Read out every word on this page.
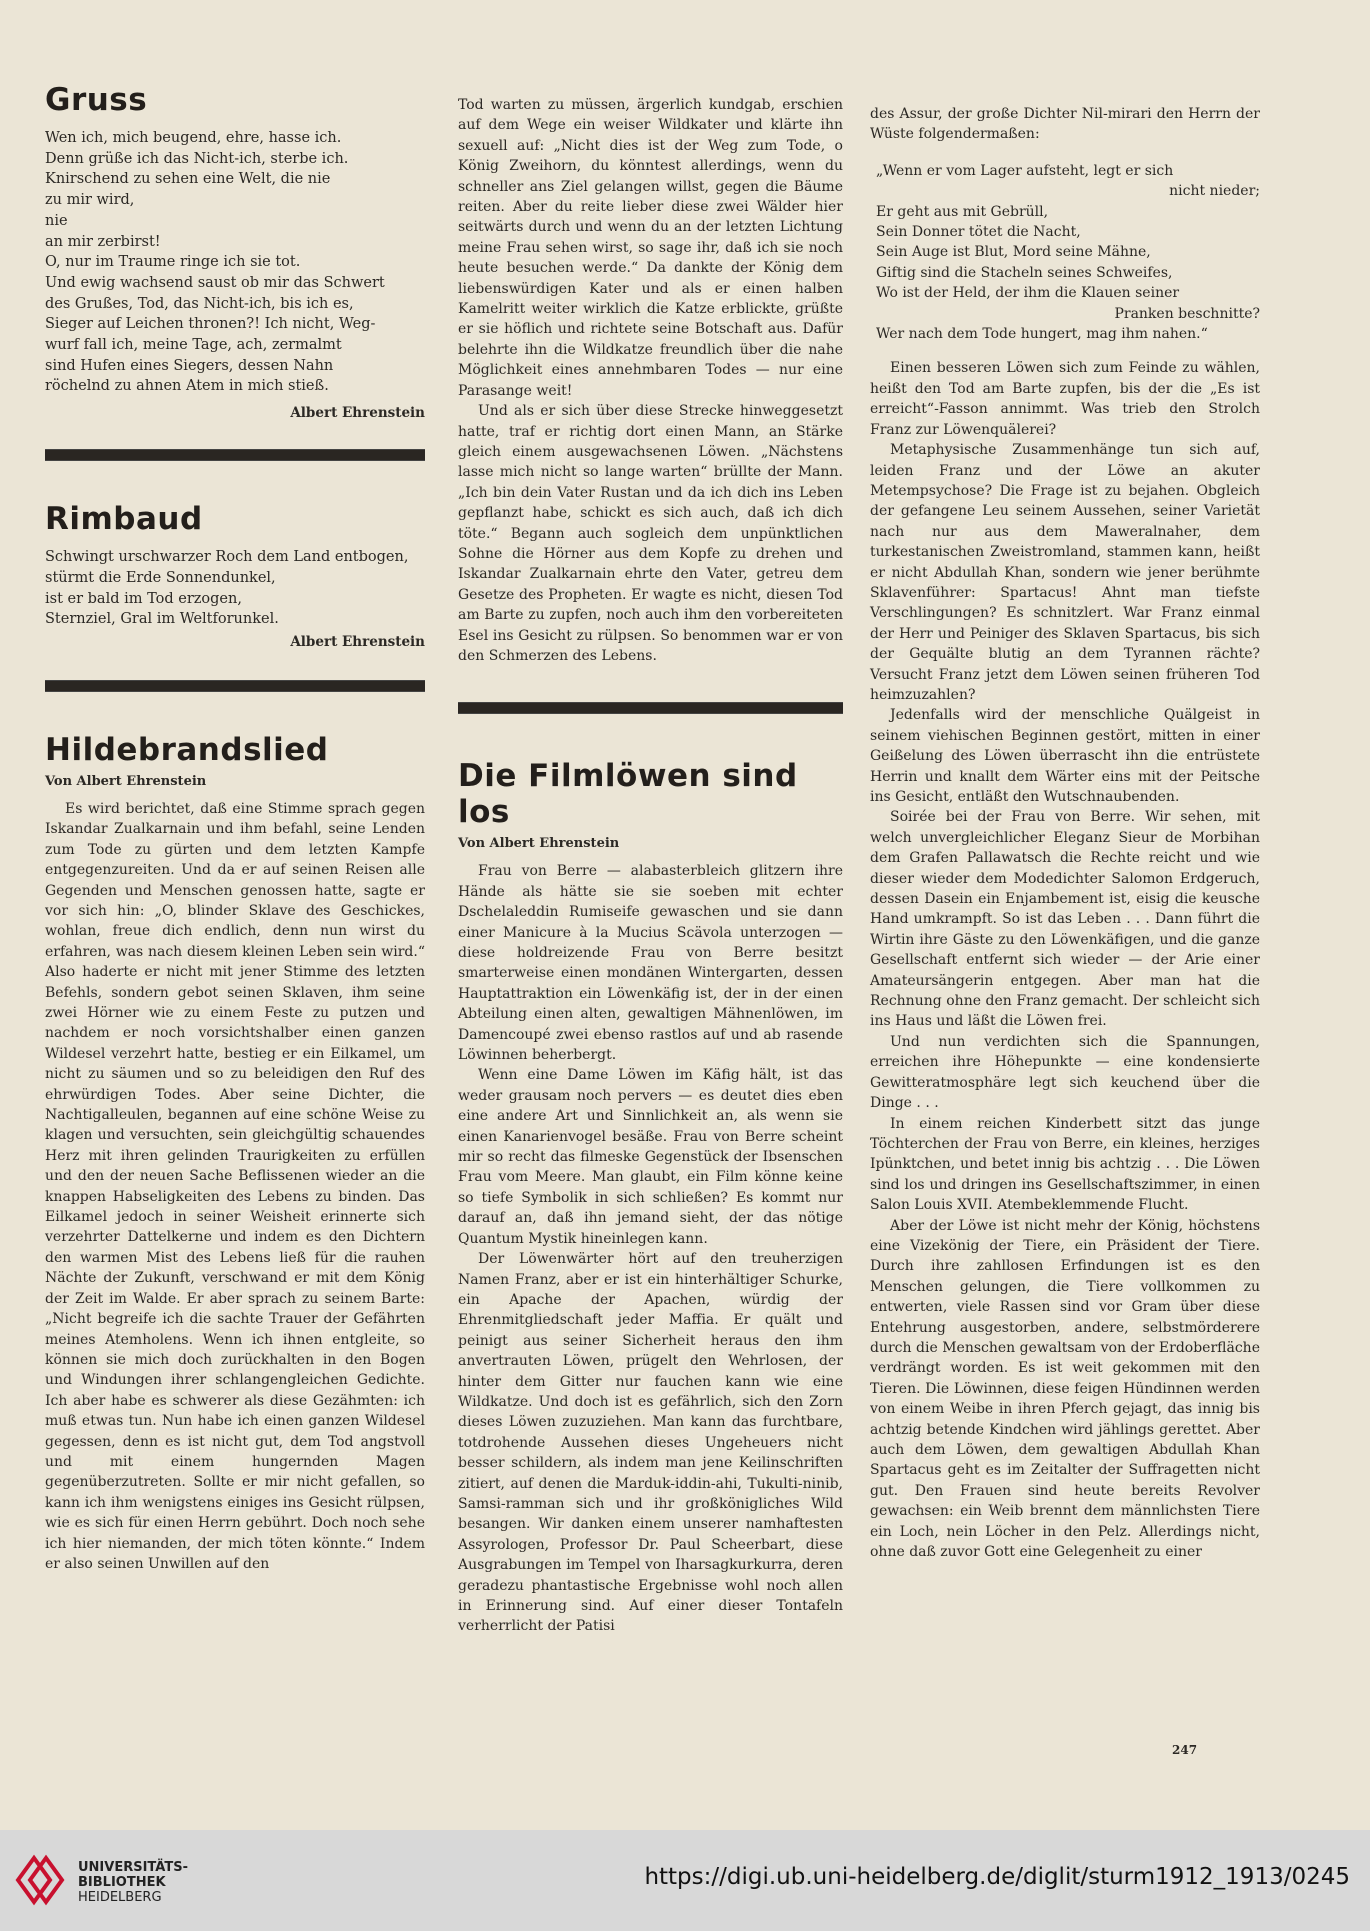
Gruss
Wen ich, mich beugend, ehre, hasse ich.
Denn grüße ich das Nicht-ich, sterbe ich.
Knirschend zu sehen eine Welt, die nie
zu mir wird,
nie
an mir zerbirst!
O, nur im Traume ringe ich sie tot.
Und ewig wachsend saust ob mir das Schwert
des Grußes, Tod, das Nicht-ich, bis ich es,
Sieger auf Leichen thronen?! Ich nicht, Weg-
wurf fall ich, meine Tage, ach, zermalmt
sind Hufen eines Siegers, dessen Nahn
röchelnd zu ahnen Atem in mich stieß.

Albert Ehrenstein

Rimbaud
Schwingt urschwarzer Roch dem Land entbogen,
stürmt die Erde Sonnendunkel,
ist er bald im Tod erzogen,
Sternziel, Gral im Weltforunkel.

Albert Ehrenstein

Hildebrandslied

Von Albert Ehrenstein

Es wird berichtet, daß eine Stimme sprach gegen Iskandar Zualkarnain und ihm befahl, seine Lenden zum Tode zu gürten und dem letzten Kampfe entgegenzureiten. Und da er auf seinen Reisen alle Gegenden und Menschen genossen hatte, sagte er vor sich hin: „O, blinder Sklave des Geschickes, wohlan, freue dich endlich, denn nun wirst du erfahren, was nach diesem kleinen Leben sein wird.“ Also haderte er nicht mit jener Stimme des letzten Befehls, sondern gebot seinen Sklaven, ihm seine zwei Hörner wie zu einem Feste zu putzen und nachdem er noch vorsichtshalber einen ganzen Wildesel verzehrt hatte, bestieg er ein Eilkamel, um nicht zu säumen und so zu beleidigen den Ruf des ehrwürdigen Todes. Aber seine Dichter, die Nachtigalleulen, begannen auf eine schöne Weise zu klagen und versuchten, sein gleichgültig schauendes Herz mit ihren gelinden Traurigkeiten zu erfüllen und den der neuen Sache Beflissenen wieder an die knappen Habseligkeiten des Lebens zu binden. Das Eilkamel jedoch in seiner Weisheit erinnerte sich verzehrter Dattelkerne und indem es den Dichtern den warmen Mist des Lebens ließ für die rauhen Nächte der Zukunft, verschwand er mit dem König der Zeit im Walde. Er aber sprach zu seinem Barte: „Nicht begreife ich die sachte Trauer der Gefährten meines Atemholens. Wenn ich ihnen entgleite, so können sie mich doch zurückhalten in den Bogen und Windungen ihrer schlangengleichen Gedichte. Ich aber habe es schwerer als diese Gezähmten: ich muß etwas tun. Nun habe ich einen ganzen Wildesel gegessen, denn es ist nicht gut, dem Tod angstvoll und mit einem hungernden Magen gegenüberzutreten. Sollte er mir nicht gefallen, so kann ich ihm wenigstens einiges ins Gesicht rülpsen, wie es sich für einen Herrn gebührt. Doch noch sehe ich hier niemanden, der mich töten könnte.“ Indem er also seinen Unwillen auf den

Tod warten zu müssen, ärgerlich kundgab, erschien auf dem Wege ein weiser Wildkater und klärte ihn sexuell auf: „Nicht dies ist der Weg zum Tode, o König Zweihorn, du könntest allerdings, wenn du schneller ans Ziel gelangen willst, gegen die Bäume reiten. Aber du reite lieber diese zwei Wälder hier seitwärts durch und wenn du an der letzten Lichtung meine Frau sehen wirst, so sage ihr, daß ich sie noch heute besuchen werde.“ Da dankte der König dem liebenswürdigen Kater und als er einen halben Kamelritt weiter wirklich die Katze erblickte, grüßte er sie höflich und richtete seine Botschaft aus. Dafür belehrte ihn die Wildkatze freundlich über die nahe Möglichkeit eines annehmbaren Todes — nur eine Parasange weit!

Und als er sich über diese Strecke hinweggesetzt hatte, traf er richtig dort einen Mann, an Stärke gleich einem ausgewachsenen Löwen. „Nächstens lasse mich nicht so lange warten“ brüllte der Mann. „Ich bin dein Vater Rustan und da ich dich ins Leben gepflanzt habe, schickt es sich auch, daß ich dich töte.“ Begann auch sogleich dem unpünktlichen Sohne die Hörner aus dem Kopfe zu drehen und Iskandar Zualkarnain ehrte den Vater, getreu dem Gesetze des Propheten. Er wagte es nicht, diesen Tod am Barte zu zupfen, noch auch ihm den vorbereiteten Esel ins Gesicht zu rülpsen. So benommen war er von den Schmerzen des Lebens.

Die Filmlöwen sind los

Von Albert Ehrenstein

Frau von Berre — alabasterbleich glitzern ihre Hände als hätte sie sie soeben mit echter Dschelaleddin Rumiseife gewaschen und sie dann einer Manicure à la Mucius Scävola unterzogen — diese holdreizende Frau von Berre besitzt smarterweise einen mondänen Wintergarten, dessen Hauptattraktion ein Löwenkäfig ist, der in der einen Abteilung einen alten, gewaltigen Mähnenlöwen, im Damencoupé zwei ebenso rastlos auf und ab rasende Löwinnen beherbergt.

Wenn eine Dame Löwen im Käfig hält, ist das weder grausam noch pervers — es deutet dies eben eine andere Art und Sinnlichkeit an, als wenn sie einen Kanarienvogel besäße. Frau von Berre scheint mir so recht das filmeske Gegenstück der Ibsenschen Frau vom Meere. Man glaubt, ein Film könne keine so tiefe Symbolik in sich schließen? Es kommt nur darauf an, daß ihn jemand sieht, der das nötige Quantum Mystik hineinlegen kann.

Der Löwenwärter hört auf den treuherzigen Namen Franz, aber er ist ein hinterhältiger Schurke, ein Apache der Apachen, würdig der Ehrenmitgliedschaft jeder Maffia. Er quält und peinigt aus seiner Sicherheit heraus den ihm anvertrauten Löwen, prügelt den Wehrlosen, der hinter dem Gitter nur fauchen kann wie eine Wildkatze. Und doch ist es gefährlich, sich den Zorn dieses Löwen zuzuziehen. Man kann das furchtbare, totdrohende Aussehen dieses Ungeheuers nicht besser schildern, als indem man jene Keilinschriften zitiert, auf denen die Marduk-iddin-ahi, Tukulti-ninib, Samsi-ramman sich und ihr großkönigliches Wild besangen. Wir danken einem unserer namhaftesten Assyrologen, Professor Dr. Paul Scheerbart, diese Ausgrabungen im Tempel von Iharsagkurkurra, deren geradezu phantastische Ergebnisse wohl noch allen in Erinnerung sind. Auf einer dieser Tontafeln verherrlicht der Patisi

des Assur, der große Dichter Nil-mirari den Herrn der Wüste folgendermaßen:

„Wenn er vom Lager aufsteht, legt er sich
nicht nieder;
Er geht aus mit Gebrüll,
Sein Donner tötet die Nacht,
Sein Auge ist Blut, Mord seine Mähne,
Giftig sind die Stacheln seines Schweifes,
Wo ist der Held, der ihm die Klauen seiner
Pranken beschnitte?
Wer nach dem Tode hungert, mag ihm nahen.“

Einen besseren Löwen sich zum Feinde zu wählen, heißt den Tod am Barte zupfen, bis der die „Es ist erreicht“-Fasson annimmt. Was trieb den Strolch Franz zur Löwenquälerei?

Metaphysische Zusammenhänge tun sich auf, leiden Franz und der Löwe an akuter Metempsychose? Die Frage ist zu bejahen. Obgleich der gefangene Leu seinem Aussehen, seiner Varietät nach nur aus dem Maweralnaher, dem turkestanischen Zweistromland, stammen kann, heißt er nicht Abdullah Khan, sondern wie jener berühmte Sklavenführer: Spartacus! Ahnt man tiefste Verschlingungen? Es schnitzlert. War Franz einmal der Herr und Peiniger des Sklaven Spartacus, bis sich der Gequälte blutig an dem Tyrannen rächte? Versucht Franz jetzt dem Löwen seinen früheren Tod heimzuzahlen?

Jedenfalls wird der menschliche Quälgeist in seinem viehischen Beginnen gestört, mitten in einer Geißelung des Löwen überrascht ihn die entrüstete Herrin und knallt dem Wärter eins mit der Peitsche ins Gesicht, entläßt den Wutschnaubenden.

Soirée bei der Frau von Berre. Wir sehen, mit welch unvergleichlicher Eleganz Sieur de Morbihan dem Grafen Pallawatsch die Rechte reicht und wie dieser wieder dem Modedichter Salomon Erdgeruch, dessen Dasein ein Enjambement ist, eisig die keusche Hand umkrampft. So ist das Leben . . . Dann führt die Wirtin ihre Gäste zu den Löwenkäfigen, und die ganze Gesellschaft entfernt sich wieder — der Arie einer Amateursängerin entgegen. Aber man hat die Rechnung ohne den Franz gemacht. Der schleicht sich ins Haus und läßt die Löwen frei.

Und nun verdichten sich die Spannungen, erreichen ihre Höhepunkte — eine kondensierte Gewitteratmosphäre legt sich keuchend über die Dinge . . .

In einem reichen Kinderbett sitzt das junge Töchterchen der Frau von Berre, ein kleines, herziges Ipünktchen, und betet innig bis achtzig . . . Die Löwen sind los und dringen ins Gesellschaftszimmer, in einen Salon Louis XVII. Atembeklemmende Flucht.

Aber der Löwe ist nicht mehr der König, höchstens eine Vizekönig der Tiere, ein Präsident der Tiere. Durch ihre zahllosen Erfindungen ist es den Menschen gelungen, die Tiere vollkommen zu entwerten, viele Rassen sind vor Gram über diese Entehrung ausgestorben, andere, selbstmörderere durch die Menschen gewaltsam von der Erdoberfläche verdrängt worden. Es ist weit gekommen mit den Tieren. Die Löwinnen, diese feigen Hündinnen werden von einem Weibe in ihren Pferch gejagt, das innig bis achtzig betende Kindchen wird jählings gerettet. Aber auch dem Löwen, dem gewaltigen Abdullah Khan Spartacus geht es im Zeitalter der Suffragetten nicht gut. Den Frauen sind heute bereits Revolver gewachsen: ein Weib brennt dem männlichsten Tiere ein Loch, nein Löcher in den Pelz. Allerdings nicht, ohne daß zuvor Gott eine Gelegenheit zu einer

247
UNIVERSITÄTS-
BIBLIOTHEK
HEIDELBERG
https://digi.ub.uni-heidelberg.de/diglit/sturm1912_1913/0245
